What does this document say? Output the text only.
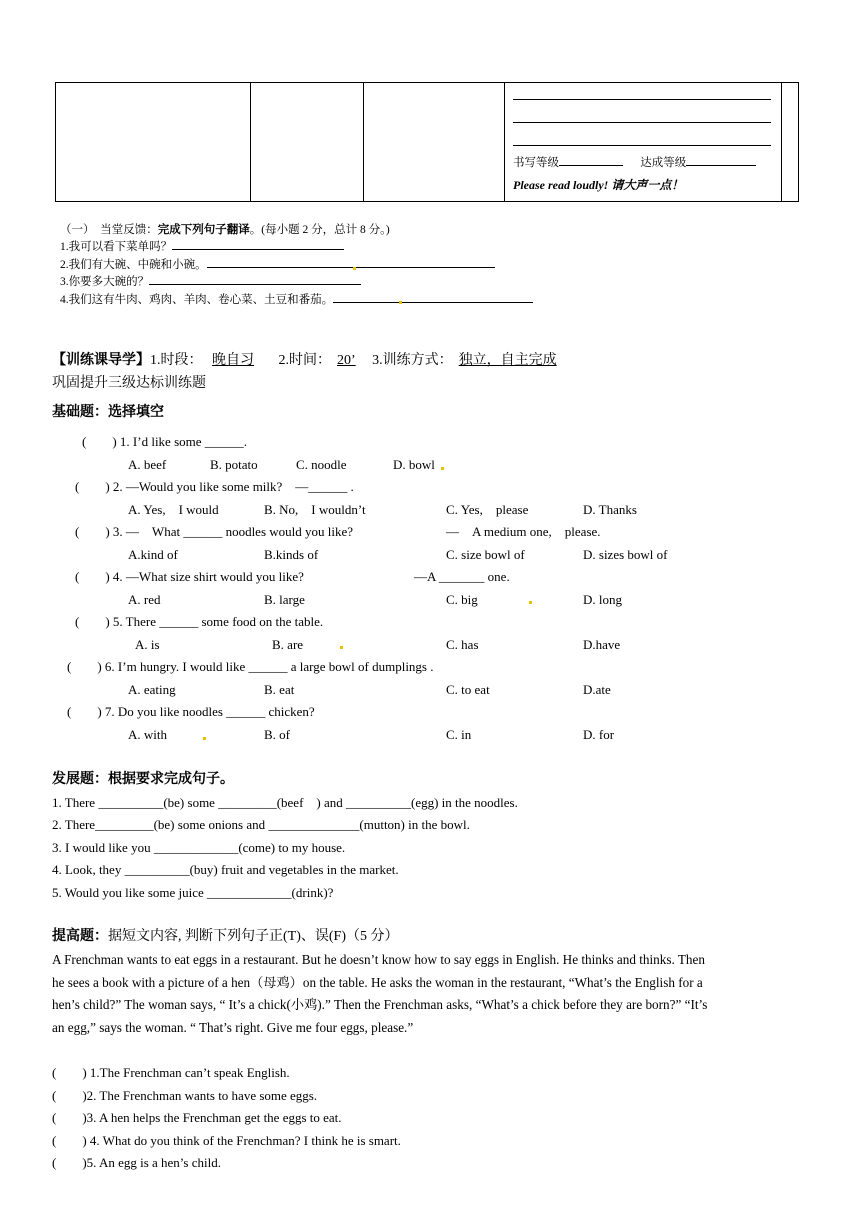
书写等级	达成等级
Please read loudly! 请大声一点！

（一）　当堂反馈：完成下列句子翻译。(每小题 2 分，总计 8 分。)
1.我可以看下菜单吗？
2.我们有大碗、中碗和小碗。
3.你要多大碗的？
4.我们这有牛肉、鸡肉、羊肉、卷心菜、土豆和番茄。
【训练课导学】1.时段： 晚自习 2.时间： 20’ 3.训练方式： 独立，自主完成
巩固提升三级达标训练题
基础题：选择填空
(　　) 1. I’d like some ______.
A. beef	B. potato	C. noodle	D. bowl
(　　) 2. —Would you like some milk?　—______ .
A. Yes,　I would	B. No,　I wouldn’t	C. Yes,　please	D. Thanks
(　　) 3. —　What ______ noodles would you like?	—　A medium one,　please.
A.kind of	B.kinds of	C. size bowl of	D. sizes bowl of
(　　) 4. —What size shirt would you like?	—A _______ one.
A. red	B. large	C. big	D. long
(　　) 5. There ______ some food on the table.
A. is	B. are	C. has	D.have
(　　) 6. I’m hungry. I would like ______ a large bowl of dumplings .
A. eating	B. eat	C. to eat	D.ate
(　　) 7. Do you like noodles ______ chicken?
A. with	B. of	C. in	D. for
发展题：根据要求完成句子。
1. There __________(be) some _________(beef　) and __________(egg) in the noodles.
2. There_________(be) some onions and ______________(mutton) in the bowl.
3. I would like you _____________(come) to my house.
4. Look, they __________(buy) fruit and vegetables in the market.
5. Would you like some juice _____________(drink)?
提高题：据短文内容, 判断下列句子正(T)、误(F)（5 分）
A Frenchman wants to eat eggs in a restaurant. But he doesn’t know how to say eggs in English. He thinks and thinks. Then
he sees a book with a picture of a hen（母鸡）on the table. He asks the woman in the restaurant, “What’s the English for a
hen’s child?” The woman says, “ It’s a chick(小鸡).” Then the Frenchman asks, “What’s a chick before they are born?” “It’s
an egg,” says the woman. “ That’s right. Give me four eggs, please.”
(　　) 1.The Frenchman can’t speak English.
(　　)2. The Frenchman wants to have some eggs.
(　　)3. A hen helps the Frenchman get the eggs to eat.
(　　) 4. What do you think of the Frenchman? I think he is smart.
(　　)5. An egg is a hen’s child.
